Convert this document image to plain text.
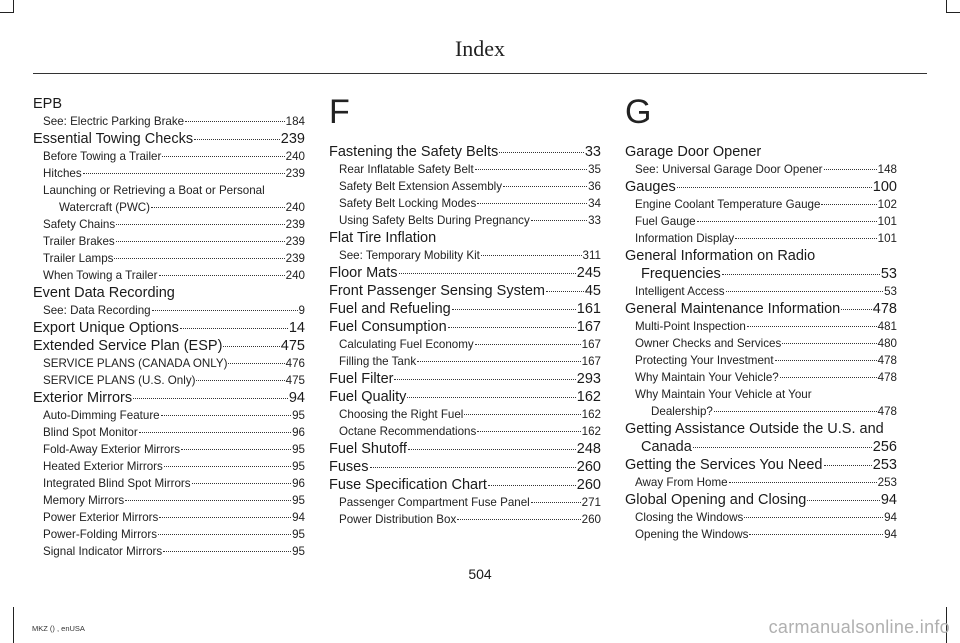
Index
EPB
See: Electric Parking Brake	184
Essential Towing Checks	239
Before Towing a Trailer	240
Hitches	239
Launching or Retrieving a Boat or Personal
Watercraft (PWC)	240
Safety Chains	239
Trailer Brakes	239
Trailer Lamps	239
When Towing a Trailer	240
Event Data Recording
See: Data Recording	9
Export Unique Options	14
Extended Service Plan (ESP)	475
SERVICE PLANS (CANADA ONLY)	476
SERVICE PLANS (U.S. Only)	475
Exterior Mirrors	94
Auto-Dimming Feature	95
Blind Spot Monitor	96
Fold-Away Exterior Mirrors	95
Heated Exterior Mirrors	95
Integrated Blind Spot Mirrors	96
Memory Mirrors	95
Power Exterior Mirrors	94
Power-Folding Mirrors	95
Signal Indicator Mirrors	95
F
Fastening the Safety Belts	33
Rear Inflatable Safety Belt	35
Safety Belt Extension Assembly	36
Safety Belt Locking Modes	34
Using Safety Belts During Pregnancy	33
Flat Tire Inflation
See: Temporary Mobility Kit	311
Floor Mats	245
Front Passenger Sensing System	45
Fuel and Refueling	161
Fuel Consumption	167
Calculating Fuel Economy	167
Filling the Tank	167
Fuel Filter	293
Fuel Quality	162
Choosing the Right Fuel	162
Octane Recommendations	162
Fuel Shutoff	248
Fuses	260
Fuse Specification Chart	260
Passenger Compartment Fuse Panel	271
Power Distribution Box	260
G
Garage Door Opener
See: Universal Garage Door Opener	148
Gauges	100
Engine Coolant Temperature Gauge	102
Fuel Gauge	101
Information Display	101
General Information on Radio
Frequencies	53
Intelligent Access	53
General Maintenance Information 478
Multi-Point Inspection	481
Owner Checks and Services	480
Protecting Your Investment	478
Why Maintain Your Vehicle?	478
Why Maintain Your Vehicle at Your
Dealership?	478
Getting Assistance Outside the U.S. and
Canada	256
Getting the Services You Need	253
Away From Home	253
Global Opening and Closing	94
Closing the Windows	94
Opening the Windows	94
504
MKZ () , enUSA	carmanualsonline.info
